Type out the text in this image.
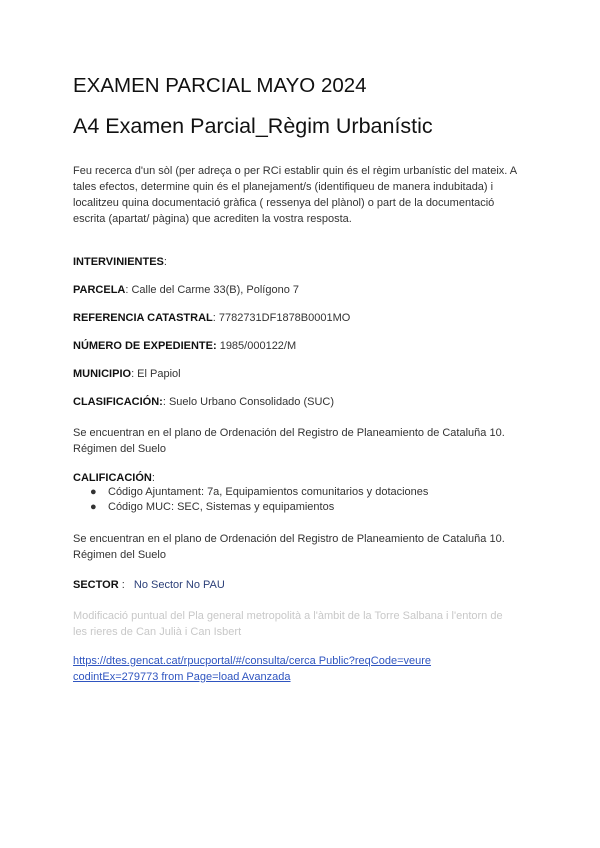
EXAMEN PARCIAL MAYO 2024
A4 Examen Parcial_Règim Urbanístic
Feu recerca d'un sòl (per adreça o per RCi establir quin és el règim urbanístic del mateix. A
tales efectos, determine quin és el planejament/s (identifiqueu de manera indubitada) i
localitzeu quina documentació gràfica ( ressenya del plànol) o part de la documentació
escrita (apartat/ pàgina) que acrediten la vostra resposta.
INTERVINIENTES:
PARCELA: Calle del Carme 33(B), Polígono 7
REFERENCIA CATASTRAL: 7782731DF1878B0001MO
NÚMERO DE EXPEDIENTE: 1985/000122/M
MUNICIPIO: El Papiol
CLASIFICACIÓN:: Suelo Urbano Consolidado (SUC)
Se encuentran en el plano de Ordenación del Registro de Planeamiento de Cataluña 10.
Régimen del Suelo
CALIFICACIÓN:
● Código Ajuntament: 7a, Equipamientos comunitarios y dotaciones
● Código MUC: SEC, Sistemas y equipamientos
Se encuentran en el plano de Ordenación del Registro de Planeamiento de Cataluña 10.
Régimen del Suelo
SECTOR :   No Sector No PAU
Modificació puntual del Pla general metropolità a l'àmbit de la Torre Salbana i l'entorn de
les rieres de Can Julià i Can Isbert
https://dtes.gencat.cat/rpucportal/#/consulta/cerca Public?reqCode=veure
codintEx=279773 from Page=load Avanzada
